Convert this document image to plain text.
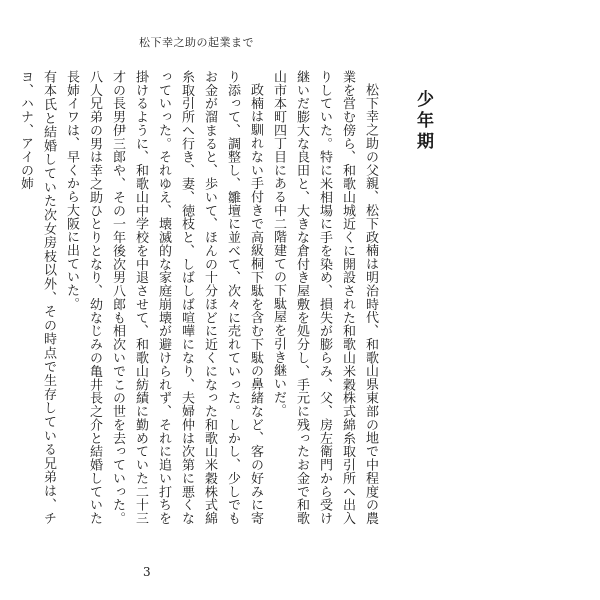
松下幸之助の起業まで
少年期

松下幸之助の父親、松下政楠は明治時代、和歌山県東部の地で中程度の農業を営む傍ら、和歌山城近くに開設された和歌山米穀株式綿糸取引所へ出入りしていた。特に米相場に手を染め、損失が膨らみ、父、房左衛門から受け継いだ膨大な良田と、大きな倉付き屋敷を処分し、手元に残ったお金で和歌山市本町四丁目にある中二階建ての下駄屋を引き継いだ。

政楠は馴れない手付きで高級桐下駄を含む下駄の鼻緒など、客の好みに寄り添って、調整し、雛壇に並べて、次々に売れていった。しかし、少しでもお金が溜まると、歩いて、ほんの十分ほどに近くになった和歌山米穀株式綿糸取引所へ行き、妻、徳枝と、しばしば喧嘩になり、夫婦仲は次第に悪くなっていった。それゆえ、壊滅的な家庭崩壊が避けられず、それに追い打ちを掛けるように、和歌山中学校を中退させて、和歌山紡績に勤めていた二十三才の長男伊三郎や、その一年後次男八郎も相次いでこの世を去っていった。八人兄弟の男は幸之助ひとりとなり、幼なじみの亀井長之介と結婚していた長姉イワは、早くから大阪に出ていた。

有本氏と結婚していた次女房枝以外、その時点で生存している兄弟は、チヨ、ハナ、アイの姉

3
